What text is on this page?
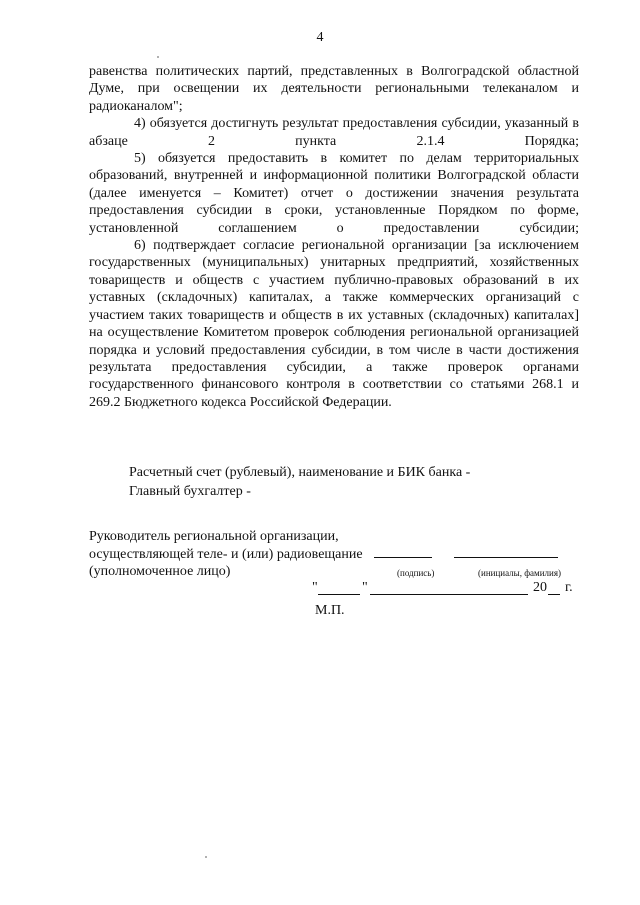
4

равенства политических партий, представленных в Волгоградской областной Думе, при освещении их деятельности региональными телеканалом и радиоканалом";

4) обязуется достигнуть результат предоставления субсидии, указанный в абзаце 2 пункта 2.1.4 Порядка;

5) обязуется предоставить в комитет по делам территориальных образований, внутренней и информационной политики Волгоградской области (далее именуется – Комитет) отчет о достижении значения результата предоставления субсидии в сроки, установленные Порядком по форме, установленной соглашением о предоставлении субсидии;

6) подтверждает согласие региональной организации [за исключением государственных (муниципальных) унитарных предприятий, хозяйственных товариществ и обществ с участием публично-правовых образований в их уставных (складочных) капиталах, а также коммерческих организаций с участием таких товариществ и обществ в их уставных (складочных) капиталах] на осуществление Комитетом проверок соблюдения региональной организацией порядка и условий предоставления субсидии, в том числе в части достижения результата предоставления субсидии, а также проверок органами государственного финансового контроля в соответствии со статьями 268.1 и 269.2 Бюджетного кодекса Российской Федерации.

Расчетный счет (рублевый), наименование и БИК банка -
Главный бухгалтер -
Руководитель региональной организации,
осуществляющей теле- и (или) радиовещание
(уполномоченное лицо)	(подпись)	(инициалы, фамилия)
"	"	20 г.
М.П.
